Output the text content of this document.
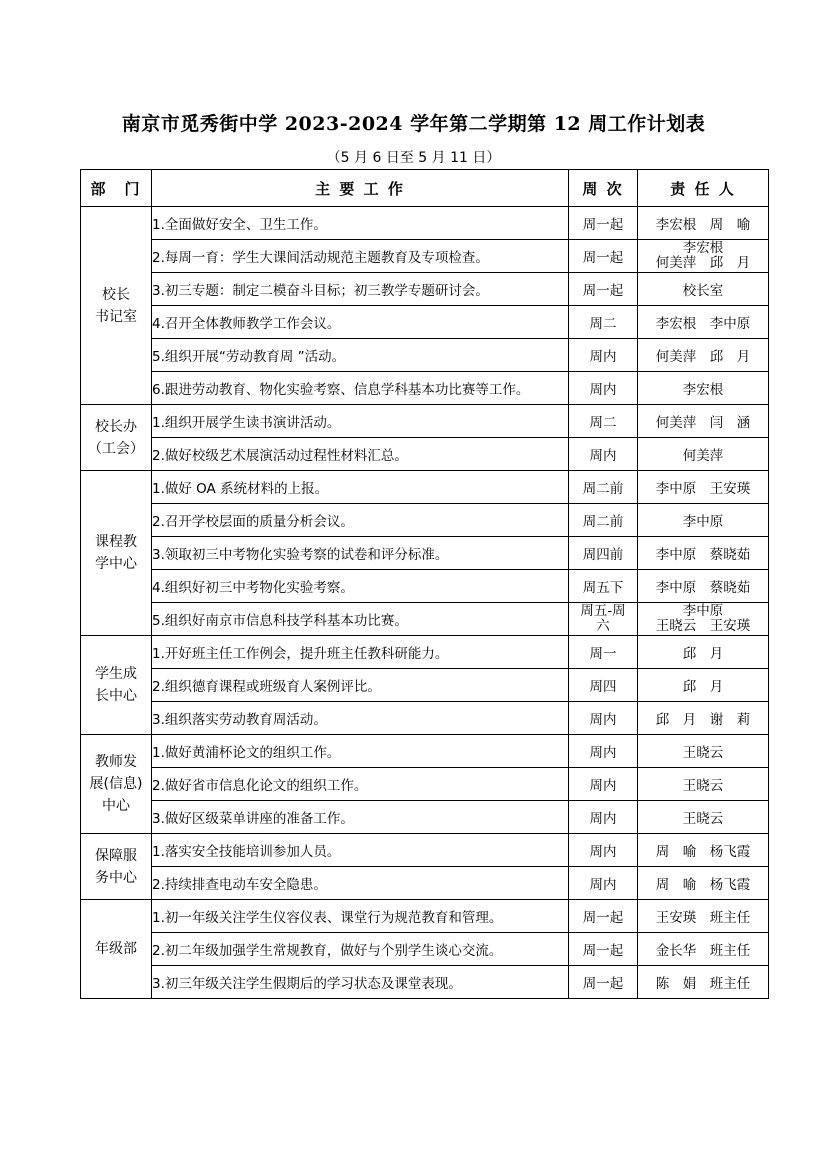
南京市觅秀街中学 2023-2024 学年第二学期第 12 周工作计划表
（5 月 6 日至 5 月 11 日）
部　门	主 要 工 作	周 次	责 任 人

校长
书记室	1.全面做好安全、卫生工作。	周一起	李宏根　周　喻

	2.每周一育：学生大课间活动规范主题教育及专项检查。	周一起	李宏根
何美萍　邱　月

	3.初三专题：制定二模奋斗目标；初三教学专题研讨会。	周一起	校长室

	4.召开全体教师教学工作会议。	周二	李宏根　李中原

	5.组织开展“劳动教育周 ”活动。	周内	何美萍　邱　月

	6.跟进劳动教育、物化实验考察、信息学科基本功比赛等工作。	周内	李宏根

校长办
（工会）	1.组织开展学生读书演讲活动。	周二	何美萍　闫　涵

	2.做好校级艺术展演活动过程性材料汇总。	周内	何美萍

课程教
学中心	1.做好 OA 系统材料的上报。	周二前	李中原　王安瑛

	2.召开学校层面的质量分析会议。	周二前	李中原

	3.领取初三中考物化实验考察的试卷和评分标准。	周四前	李中原　蔡晓茹

	4.组织好初三中考物化实验考察。	周五下	李中原　蔡晓茹

	5.组织好南京市信息科技学科基本功比赛。	周五-周
六	李中原
王晓云　王安瑛

学生成
长中心	1.开好班主任工作例会，提升班主任教科研能力。	周一	邱　月

	2.组织德育课程或班级育人案例评比。	周四	邱　月

	3.组织落实劳动教育周活动。	周内	邱　月　谢　莉

教师发
展(信息)
中心	1.做好黄浦杯论文的组织工作。	周内	王晓云

	2.做好省市信息化论文的组织工作。	周内	王晓云

	3.做好区级菜单讲座的准备工作。	周内	王晓云

保障服
务中心	1.落实安全技能培训参加人员。	周内	周　喻　杨飞霞

	2.持续排查电动车安全隐患。	周内	周　喻　杨飞霞

年级部	1.初一年级关注学生仪容仪表、课堂行为规范教育和管理。	周一起	王安瑛　班主任

	2.初二年级加强学生常规教育，做好与个别学生谈心交流。	周一起	金长华　班主任

	3.初三年级关注学生假期后的学习状态及课堂表现。	周一起	陈　娟　班主任
